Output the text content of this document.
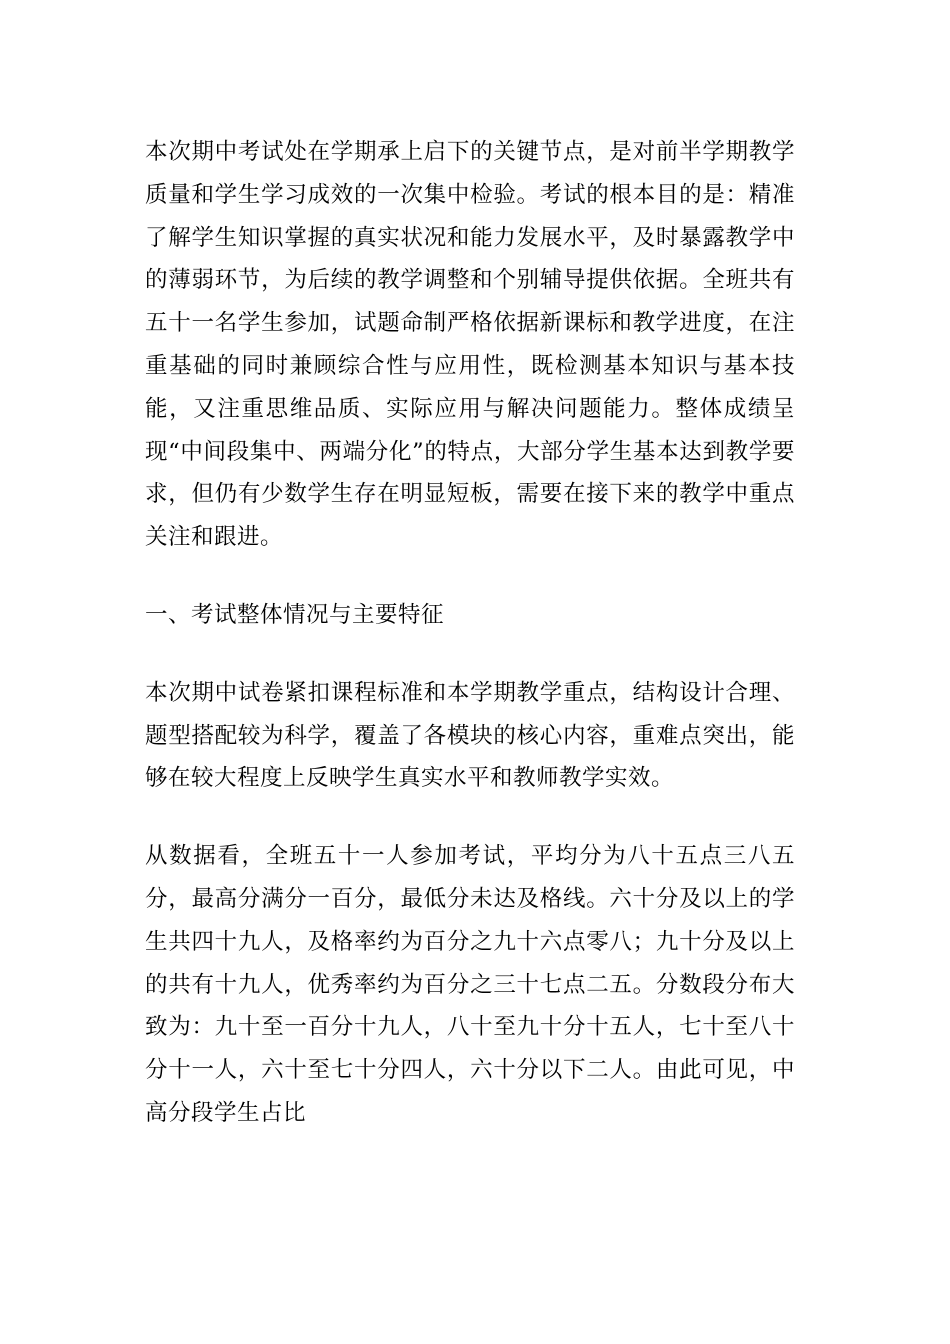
本次期中考试处在学期承上启下的关键节点，是对前半学期教学质量和学生学习成效的一次集中检验。考试的根本目的是：精准了解学生知识掌握的真实状况和能力发展水平，及时暴露教学中的薄弱环节，为后续的教学调整和个别辅导提供依据。全班共有五十一名学生参加，试题命制严格依据新课标和教学进度，在注重基础的同时兼顾综合性与应用性，既检测基本知识与基本技能，又注重思维品质、实际应用与解决问题能力。整体成绩呈现“中间段集中、两端分化”的特点，大部分学生基本达到教学要求，但仍有少数学生存在明显短板，需要在接下来的教学中重点关注和跟进。

一、考试整体情况与主要特征

本次期中试卷紧扣课程标准和本学期教学重点，结构设计合理、题型搭配较为科学，覆盖了各模块的核心内容，重难点突出，能够在较大程度上反映学生真实水平和教师教学实效。

从数据看，全班五十一人参加考试，平均分为八十五点三八五分，最高分满分一百分，最低分未达及格线。六十分及以上的学生共四十九人，及格率约为百分之九十六点零八；九十分及以上的共有十九人，优秀率约为百分之三十七点二五。分数段分布大致为：九十至一百分十九人，八十至九十分十五人，七十至八十分十一人，六十至七十分四人，六十分以下二人。由此可见，中高分段学生占比
